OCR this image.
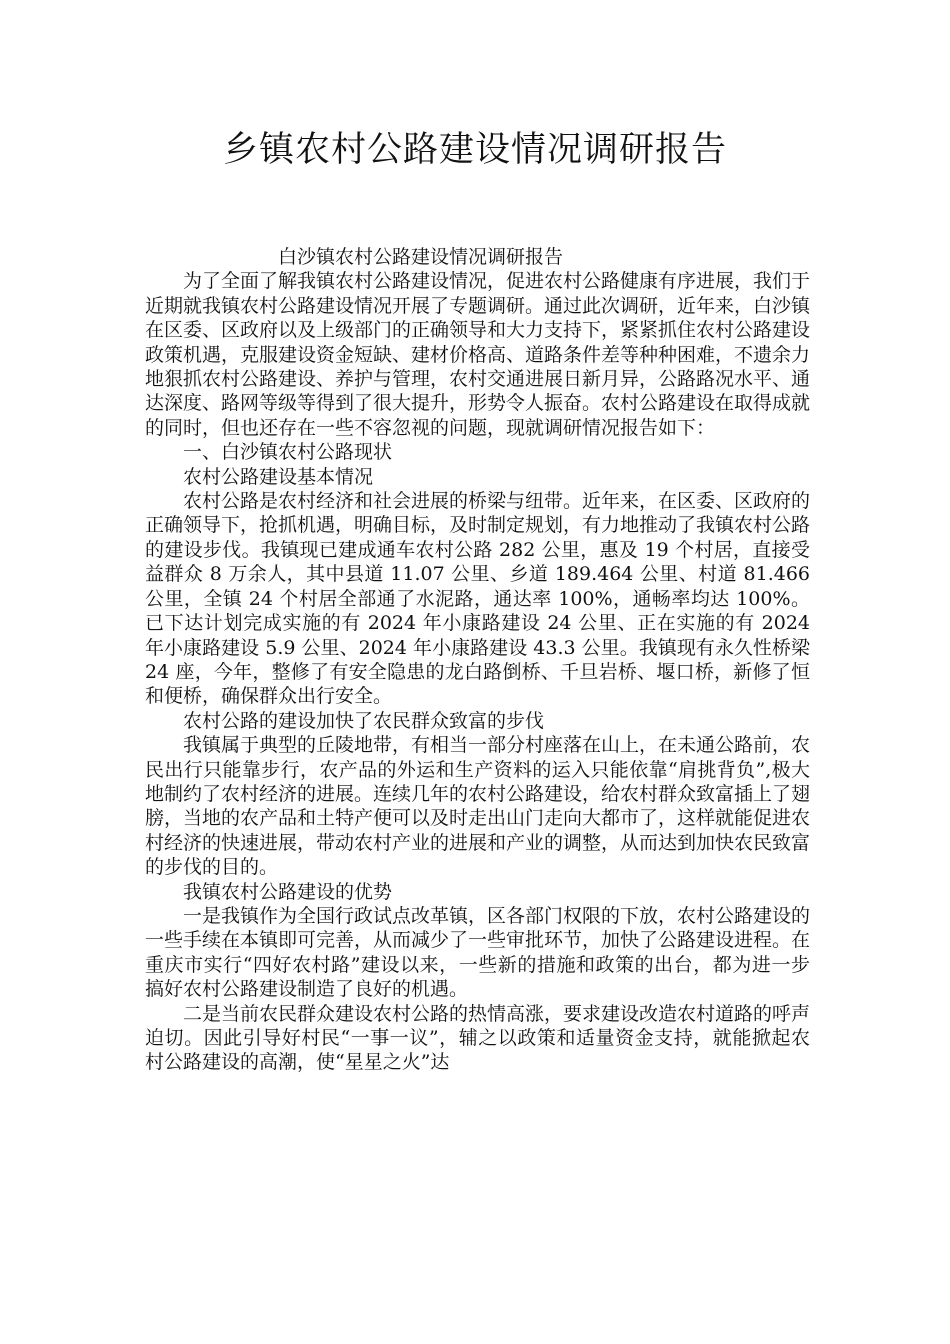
乡镇农村公路建设情况调研报告

白沙镇农村公路建设情况调研报告

为了全面了解我镇农村公路建设情况，促进农村公路健康有序进展，我们于近期就我镇农村公路建设情况开展了专题调研。通过此次调研，近年来，白沙镇在区委、区政府以及上级部门的正确领导和大力支持下，紧紧抓住农村公路建设政策机遇，克服建设资金短缺、建材价格高、道路条件差等种种困难，不遗余力地狠抓农村公路建设、养护与管理，农村交通进展日新月异，公路路况水平、通达深度、路网等级等得到了很大提升，形势令人振奋。农村公路建设在取得成就的同时，但也还存在一些不容忽视的问题，现就调研情况报告如下：

一、白沙镇农村公路现状

农村公路建设基本情况

农村公路是农村经济和社会进展的桥梁与纽带。近年来，在区委、区政府的正确领导下，抢抓机遇，明确目标，及时制定规划，有力地推动了我镇农村公路的建设步伐。我镇现已建成通车农村公路 282 公里，惠及 19 个村居，直接受益群众 8 万余人，其中县道 11.07 公里、乡道 189.464 公里、村道 81.466 公里，全镇 24 个村居全部通了水泥路，通达率 100%，通畅率均达 100%。已下达计划完成实施的有 2024 年小康路建设 24 公里、正在实施的有 2024 年小康路建设 5.9 公里、2024 年小康路建设 43.3 公里。我镇现有永久性桥梁 24 座，今年，整修了有安全隐患的龙白路倒桥、千旦岩桥、堰口桥，新修了恒和便桥，确保群众出行安全。

农村公路的建设加快了农民群众致富的步伐

我镇属于典型的丘陵地带，有相当一部分村座落在山上，在未通公路前，农民出行只能靠步行，农产品的外运和生产资料的运入只能依靠“肩挑背负”,极大地制约了农村经济的进展。连续几年的农村公路建设，给农村群众致富插上了翅膀，当地的农产品和土特产便可以及时走出山门走向大都市了，这样就能促进农村经济的快速进展，带动农村产业的进展和产业的调整，从而达到加快农民致富的步伐的目的。

我镇农村公路建设的优势

一是我镇作为全国行政试点改革镇，区各部门权限的下放，农村公路建设的一些手续在本镇即可完善，从而减少了一些审批环节，加快了公路建设进程。在重庆市实行“四好农村路”建设以来，一些新的措施和政策的出台，都为进一步搞好农村公路建设制造了良好的机遇。

二是当前农民群众建设农村公路的热情高涨，要求建设改造农村道路的呼声迫切。因此引导好村民“一事一议”，辅之以政策和适量资金支持，就能掀起农村公路建设的高潮，使“星星之火”达
